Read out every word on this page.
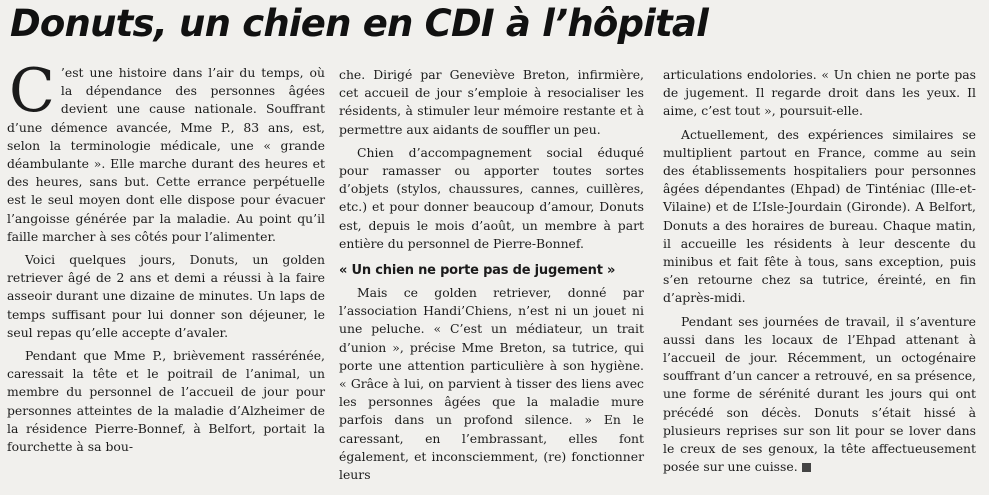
Donuts, un chien en CDI à l’hôpital

C ’est une histoire dans l’air du temps, où la dépendance des personnes âgées devient une cause nationale. Souffrant d’une démence avancée, Mme P., 83 ans, est, selon la terminologie médicale, une « grande déambulante ». Elle marche durant des heures et des heures, sans but. Cette errance perpétuelle est le seul moyen dont elle dispose pour évacuer l’angoisse générée par la maladie. Au point qu’il faille marcher à ses côtés pour l’alimenter.

Voici quelques jours, Donuts, un golden retriever âgé de 2 ans et demi a réussi à la faire asseoir durant une dizaine de minutes. Un laps de temps suffisant pour lui donner son déjeuner, le seul repas qu’elle accepte d’avaler.

Pendant que Mme P., brièvement rassérénée, caressait la tête et le poitrail de l’animal, un membre du personnel de l’accueil de jour pour personnes atteintes de la maladie d’Alzheimer de la résidence Pierre-Bonnef, à Belfort, portait la fourchette à sa bou-

che. Dirigé par Geneviève Breton, infirmière, cet accueil de jour s’emploie à resocialiser les résidents, à stimuler leur mémoire restante et à permettre aux aidants de souffler un peu.

Chien d’accompagnement social éduqué pour ramasser ou apporter toutes sortes d’objets (stylos, chaussures, cannes, cuillères, etc.) et pour donner beaucoup d’amour, Donuts est, depuis le mois d’août, un membre à part entière du personnel de Pierre-Bonnef.

« Un chien ne porte pas de jugement »

Mais ce golden retriever, donné par l’association Handi’Chiens, n’est ni un jouet ni une peluche. « C’est un médiateur, un trait d’union », précise Mme Breton, sa tutrice, qui porte une attention particulière à son hygiène. « Grâce à lui, on parvient à tisser des liens avec les personnes âgées que la maladie mure parfois dans un profond silence. » En le caressant, en l’embrassant, elles font également, et inconsciemment, (re) fonctionner leurs

articulations endolories. « Un chien ne porte pas de jugement. Il regarde droit dans les yeux. Il aime, c’est tout », poursuit-elle.

Actuellement, des expériences similaires se multiplient partout en France, comme au sein des établissements hospitaliers pour personnes âgées dépendantes (Ehpad) de Tinténiac (Ille-et-Vilaine) et de L’Isle-Jourdain (Gironde). A Belfort, Donuts a des horaires de bureau. Chaque matin, il accueille les résidents à leur descente du minibus et fait fête à tous, sans exception, puis s’en retourne chez sa tutrice, éreinté, en fin d’après-midi.

Pendant ses journées de travail, il s’aventure aussi dans les locaux de l’Ehpad attenant à l’accueil de jour. Récemment, un octogénaire souffrant d’un cancer a retrouvé, en sa présence, une forme de sérénité durant les jours qui ont précédé son décès. Donuts s’était hissé à plusieurs reprises sur son lit pour se lover dans le creux de ses genoux, la tête affectueusement posée sur une cuisse.
